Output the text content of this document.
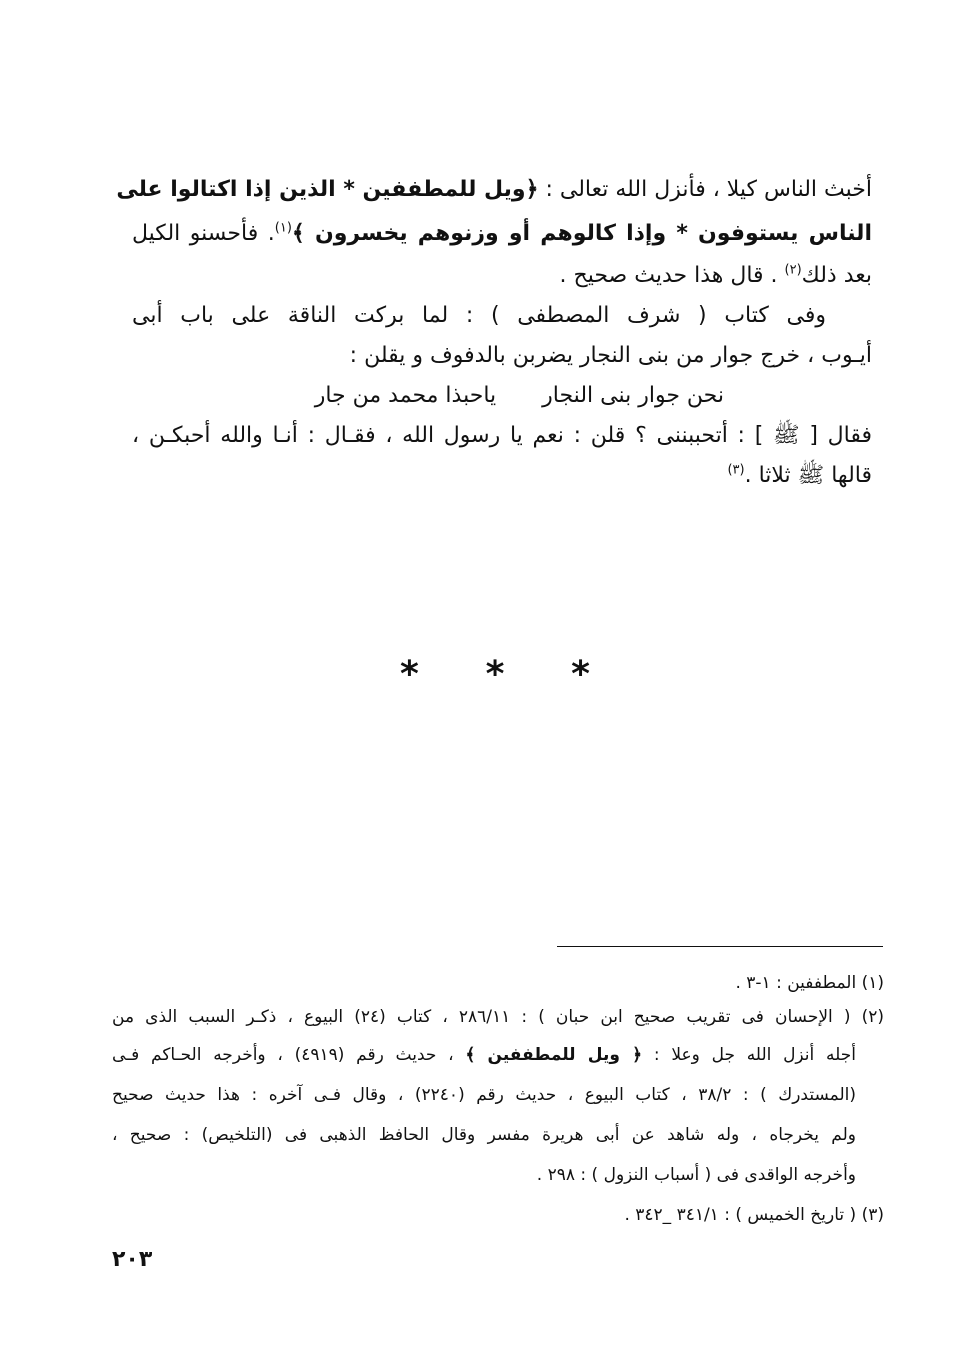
أخبث الناس كيلا ، فأنزل الله تعالى : ﴿ويل للمطففين * الذين إذا اكتالوا على
الناس يستوفون * وإذا كالوهم أو وزنوهم يخسرون ﴾$^{(١)}$. فأحسنو الكيل
بعد ذلك$^{(٢)}$ . قال هذا حديث صحيح .
وفى كتاب ( شرف المصطفى ) : لما بركت الناقة على باب أبى
أيـوب ، خرج جوار من بنى النجار يضربن بالدفوف و يقلن :
نحن جوار بنى النجارياحبذا محمد من جار
فقال [ ﷺ ] : أتحببننى ؟ قلن : نعم يا رسول الله ، فقـال : أنـا والله أحبكـن ،
قالها ﷺ ثلاثا .$^{(٣)}$
* * *
(١) المطففين : ١-٣ .
(٢) ( الإحسان فى تقريب صحيح ابن حبان ) : ٢٨٦/١١ ، كتاب (٢٤) البيوع ، ذكـر السبب الذى من
أجله أنزل الله جل وعلا : ﴿ ويل للمطففين ﴾ ، حديث رقم (٤٩١٩) ، وأخرجه الحـاكم فـى
(المستدرك ) : ٣٨/٢ ، كتاب البيوع ، حديث رقم (٢٢٤٠) ، وقال فـى آخره : هذا حديث صحيح
ولم يخرجاه ، وله شاهد عن أبى هريرة مفسر وقال الحافظ الذهبى فى (التلخيص) : صحيح ،
وأخرجه الواقدى فى ( أسباب النزول ) : ٢٩٨ .
(٣) ( تاريخ الخميس ) : ٣٤١/١ _٣٤٢ .
٢٠٣
